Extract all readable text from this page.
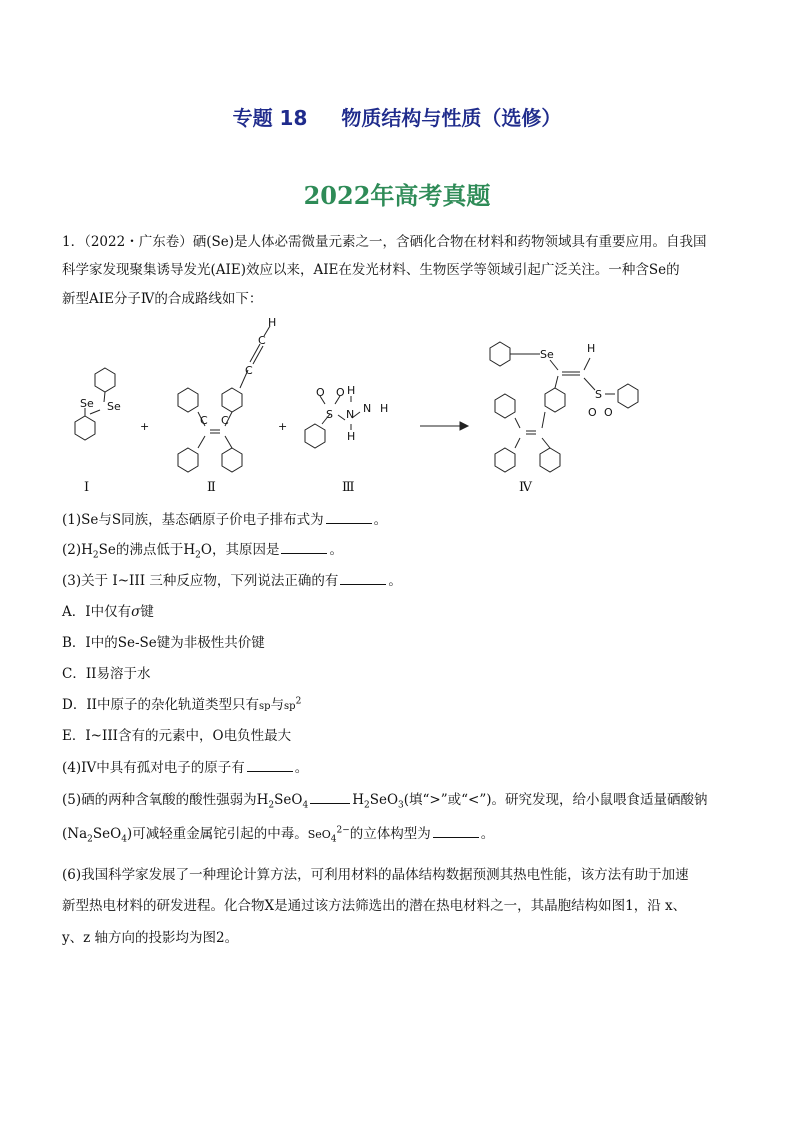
专题 18 物质结构与性质（选修）
2022年高考真题
1．（2022・广东卷）硒(Se)是人体必需微量元素之一，含硒化合物在材料和药物领域具有重要应用。自我国
科学家发现聚集诱导发光(AIE)效应以来，AIE在发光材料、生物医学等领域引起广泛关注。一种含Se的
新型AIE分子Ⅳ的合成路线如下：
Se
Se
+	C C
C
C
H
+
S
O O
N N
H
H
H
Se	H
S
O O
Ⅰ	Ⅱ	Ⅲ	Ⅳ
(1)Se与S同族，基态硒原子价电子排布式为	。
$(2)H_2Se$的沸点低于$H_2O$，其原因是	。
(3)关于 I~III 三种反应物，下列说法正确的有	。
A．I中仅有σ键
B．I中的Se-Se键为非极性共价键
C．II易溶于水
D．II中原子的杂化轨道类型只有sp与$sp^2$
E．I~III含有的元素中，O电负性最大
(4)IV中具有孤对电子的原子有	。
(5)硒的两种含氧酸的酸性强弱为$H_2SeO_4$	$H_2SeO_3$(填“>”或“<”)。研究发现，给小鼠喂食适量硒酸钠
$(Na_2SeO_4)$可减轻重金属铊引起的中毒。SeO$_4^{2-}$的立体构型为	。
(6)我国科学家发展了一种理论计算方法，可利用材料的晶体结构数据预测其热电性能，该方法有助于加速
新型热电材料的研发进程。化合物X是通过该方法筛选出的潜在热电材料之一，其晶胞结构如图1，沿 x、
y、z 轴方向的投影均为图2。
